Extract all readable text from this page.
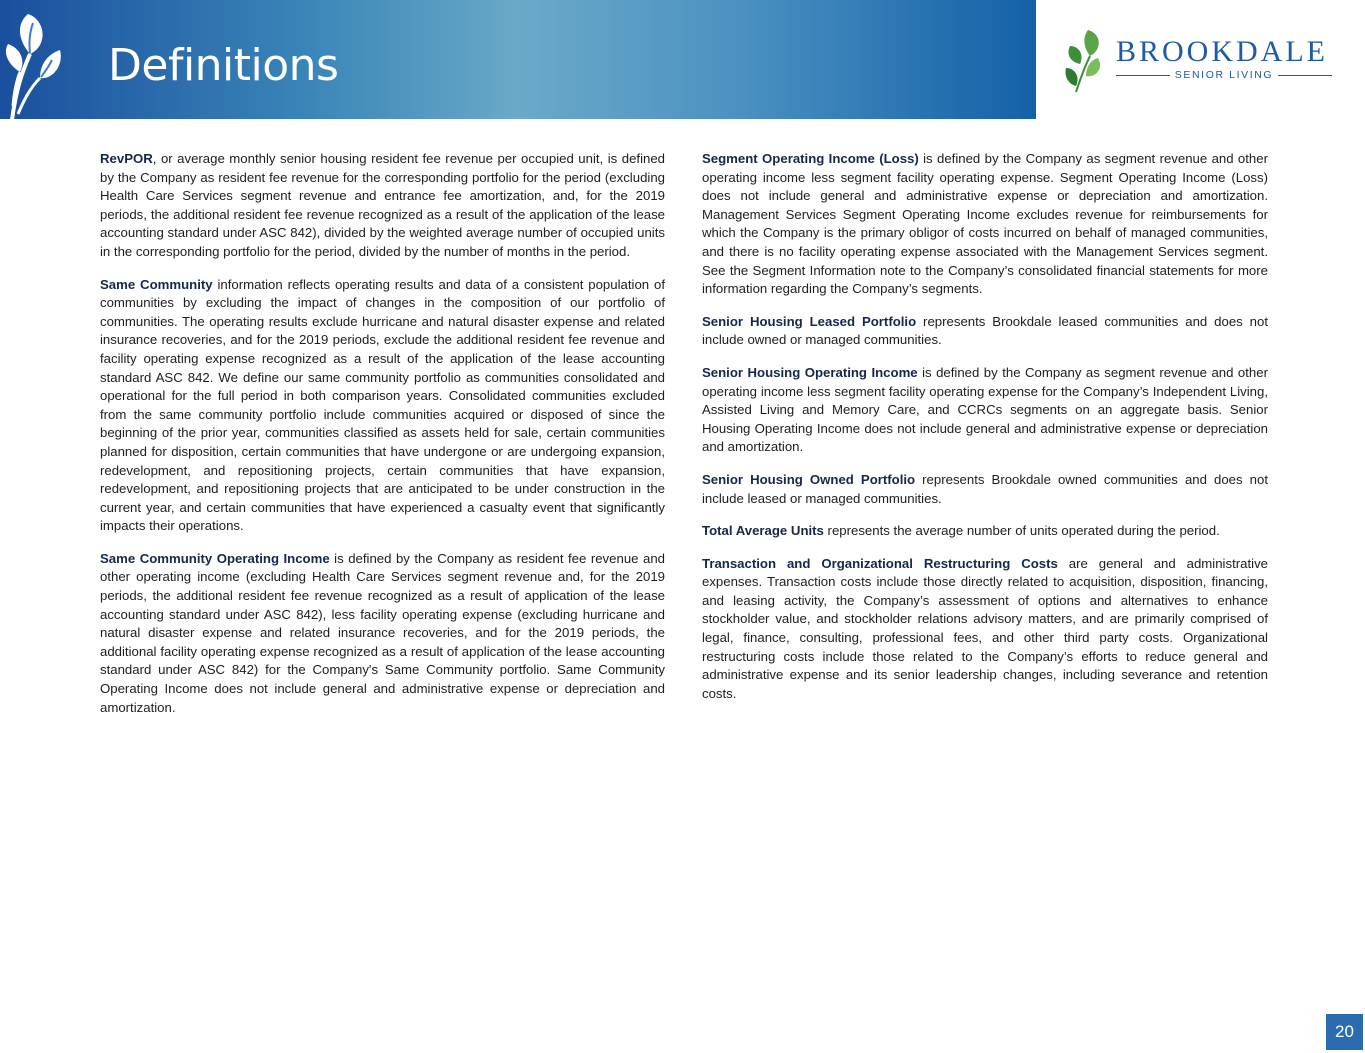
Definitions	BROOKDALE
SENIOR LIVING

RevPOR, or average monthly senior housing resident fee revenue per occupied unit, is defined by the Company as resident fee revenue for the corresponding portfolio for the period (excluding Health Care Services segment revenue and entrance fee amortization, and, for the 2019 periods, the additional resident fee revenue recognized as a result of the application of the lease accounting standard under ASC 842), divided by the weighted average number of occupied units in the corresponding portfolio for the period, divided by the number of months in the period.

Same Community information reflects operating results and data of a consistent population of communities by excluding the impact of changes in the composition of our portfolio of communities. The operating results exclude hurricane and natural disaster expense and related insurance recoveries, and for the 2019 periods, exclude the additional resident fee revenue and facility operating expense recognized as a result of the application of the lease accounting standard ASC 842. We define our same community portfolio as communities consolidated and operational for the full period in both comparison years. Consolidated communities excluded from the same community portfolio include communities acquired or disposed of since the beginning of the prior year, communities classified as assets held for sale, certain communities planned for disposition, certain communities that have undergone or are undergoing expansion, redevelopment, and repositioning projects, certain communities that have expansion, redevelopment, and repositioning projects that are anticipated to be under construction in the current year, and certain communities that have experienced a casualty event that significantly impacts their operations.

Same Community Operating Income is defined by the Company as resident fee revenue and other operating income (excluding Health Care Services segment revenue and, for the 2019 periods, the additional resident fee revenue recognized as a result of application of the lease accounting standard under ASC 842), less facility operating expense (excluding hurricane and natural disaster expense and related insurance recoveries, and for the 2019 periods, the additional facility operating expense recognized as a result of application of the lease accounting standard under ASC 842) for the Company's Same Community portfolio. Same Community Operating Income does not include general and administrative expense or depreciation and amortization.

Segment Operating Income (Loss) is defined by the Company as segment revenue and other operating income less segment facility operating expense. Segment Operating Income (Loss) does not include general and administrative expense or depreciation and amortization. Management Services Segment Operating Income excludes revenue for reimbursements for which the Company is the primary obligor of costs incurred on behalf of managed communities, and there is no facility operating expense associated with the Management Services segment. See the Segment Information note to the Company’s consolidated financial statements for more information regarding the Company’s segments.

Senior Housing Leased Portfolio represents Brookdale leased communities and does not include owned or managed communities.

Senior Housing Operating Income is defined by the Company as segment revenue and other operating income less segment facility operating expense for the Company’s Independent Living, Assisted Living and Memory Care, and CCRCs segments on an aggregate basis. Senior Housing Operating Income does not include general and administrative expense or depreciation and amortization.

Senior Housing Owned Portfolio represents Brookdale owned communities and does not include leased or managed communities.

Total Average Units represents the average number of units operated during the period.

Transaction and Organizational Restructuring Costs are general and administrative expenses. Transaction costs include those directly related to acquisition, disposition, financing, and leasing activity, the Company’s assessment of options and alternatives to enhance stockholder value, and stockholder relations advisory matters, and are primarily comprised of legal, finance, consulting, professional fees, and other third party costs. Organizational restructuring costs include those related to the Company’s efforts to reduce general and administrative expense and its senior leadership changes, including severance and retention costs.

20
